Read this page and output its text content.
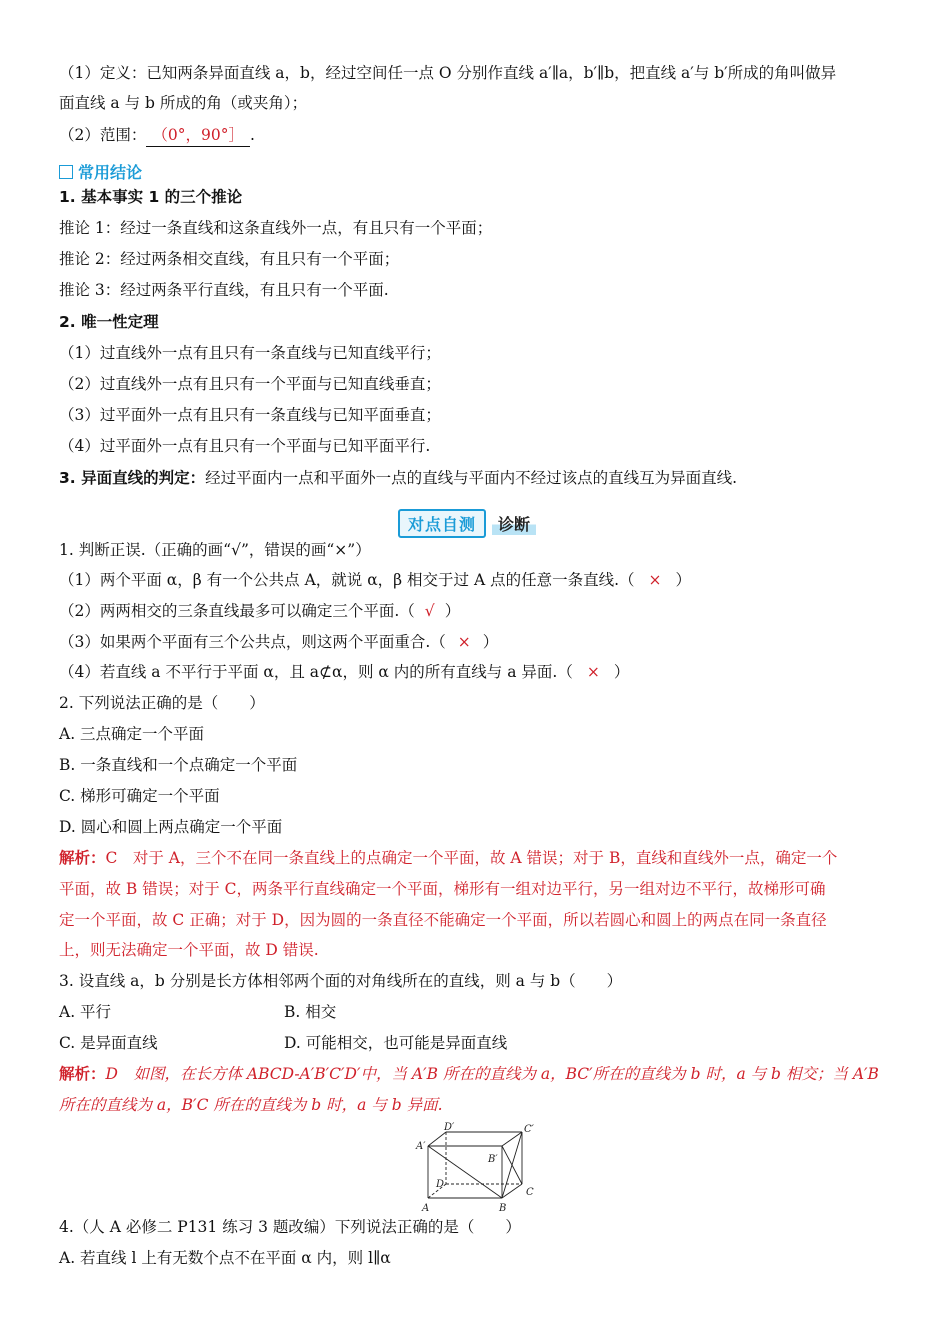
（1）定义：已知两条异面直线 a，b，经过空间任一点 O 分别作直线 a′∥a，b′∥b，把直线 a′与 b′所成的角叫做异
面直线 a 与 b 所成的角（或夹角）；
（2）范围： （0°，90°］ .
常用结论
1. 基本事实 1 的三个推论
推论 1：经过一条直线和这条直线外一点，有且只有一个平面；
推论 2：经过两条相交直线，有且只有一个平面；
推论 3：经过两条平行直线，有且只有一个平面.
2. 唯一性定理
（1）过直线外一点有且只有一条直线与已知直线平行；
（2）过直线外一点有且只有一个平面与已知直线垂直；
（3）过平面外一点有且只有一条直线与已知平面垂直；
（4）过平面外一点有且只有一个平面与已知平面平行.
3. 异面直线的判定：经过平面内一点和平面外一点的直线与平面内不经过该点的直线互为异面直线.
对点自测	诊断
1. 判断正误.（正确的画“√”，错误的画“×”）
（1）两个平面 α，β 有一个公共点 A，就说 α，β 相交于过 A 点的任意一条直线.（ × ）
（2）两两相交的三条直线最多可以确定三个平面.（ √ ）
（3）如果两个平面有三个公共点，则这两个平面重合.（ × ）
（4）若直线 a 不平行于平面 α，且 a⊄α，则 α 内的所有直线与 a 异面.（ × ）
2. 下列说法正确的是（　　）
A. 三点确定一个平面
B. 一条直线和一个点确定一个平面
C. 梯形可确定一个平面
D. 圆心和圆上两点确定一个平面
解析：C　对于 A，三个不在同一条直线上的点确定一个平面，故 A 错误；对于 B，直线和直线外一点，确定一个
平面，故 B 错误；对于 C，两条平行直线确定一个平面，梯形有一组对边平行，另一组对边不平行，故梯形可确
定一个平面，故 C 正确；对于 D，因为圆的一条直径不能确定一个平面，所以若圆心和圆上的两点在同一条直径
上，则无法确定一个平面，故 D 错误.
3. 设直线 a，b 分别是长方体相邻两个面的对角线所在的直线，则 a 与 b（　　）
A. 平行	B. 相交
C. 是异面直线	D. 可能相交，也可能是异面直线
解析：D　如图，在长方体 ABCD-A′B′C′D′中，当 A′B 所在的直线为 a，BC′所在的直线为 b 时，a 与 b 相交；当 A′B
所在的直线为 a，B′C 所在的直线为 b 时，a 与 b 异面.
A′
D′	C′
B′
D
C
A	B
4.（人 A 必修二 P131 练习 3 题改编）下列说法正确的是（　　）
A. 若直线 l 上有无数个点不在平面 α 内，则 l∥α
